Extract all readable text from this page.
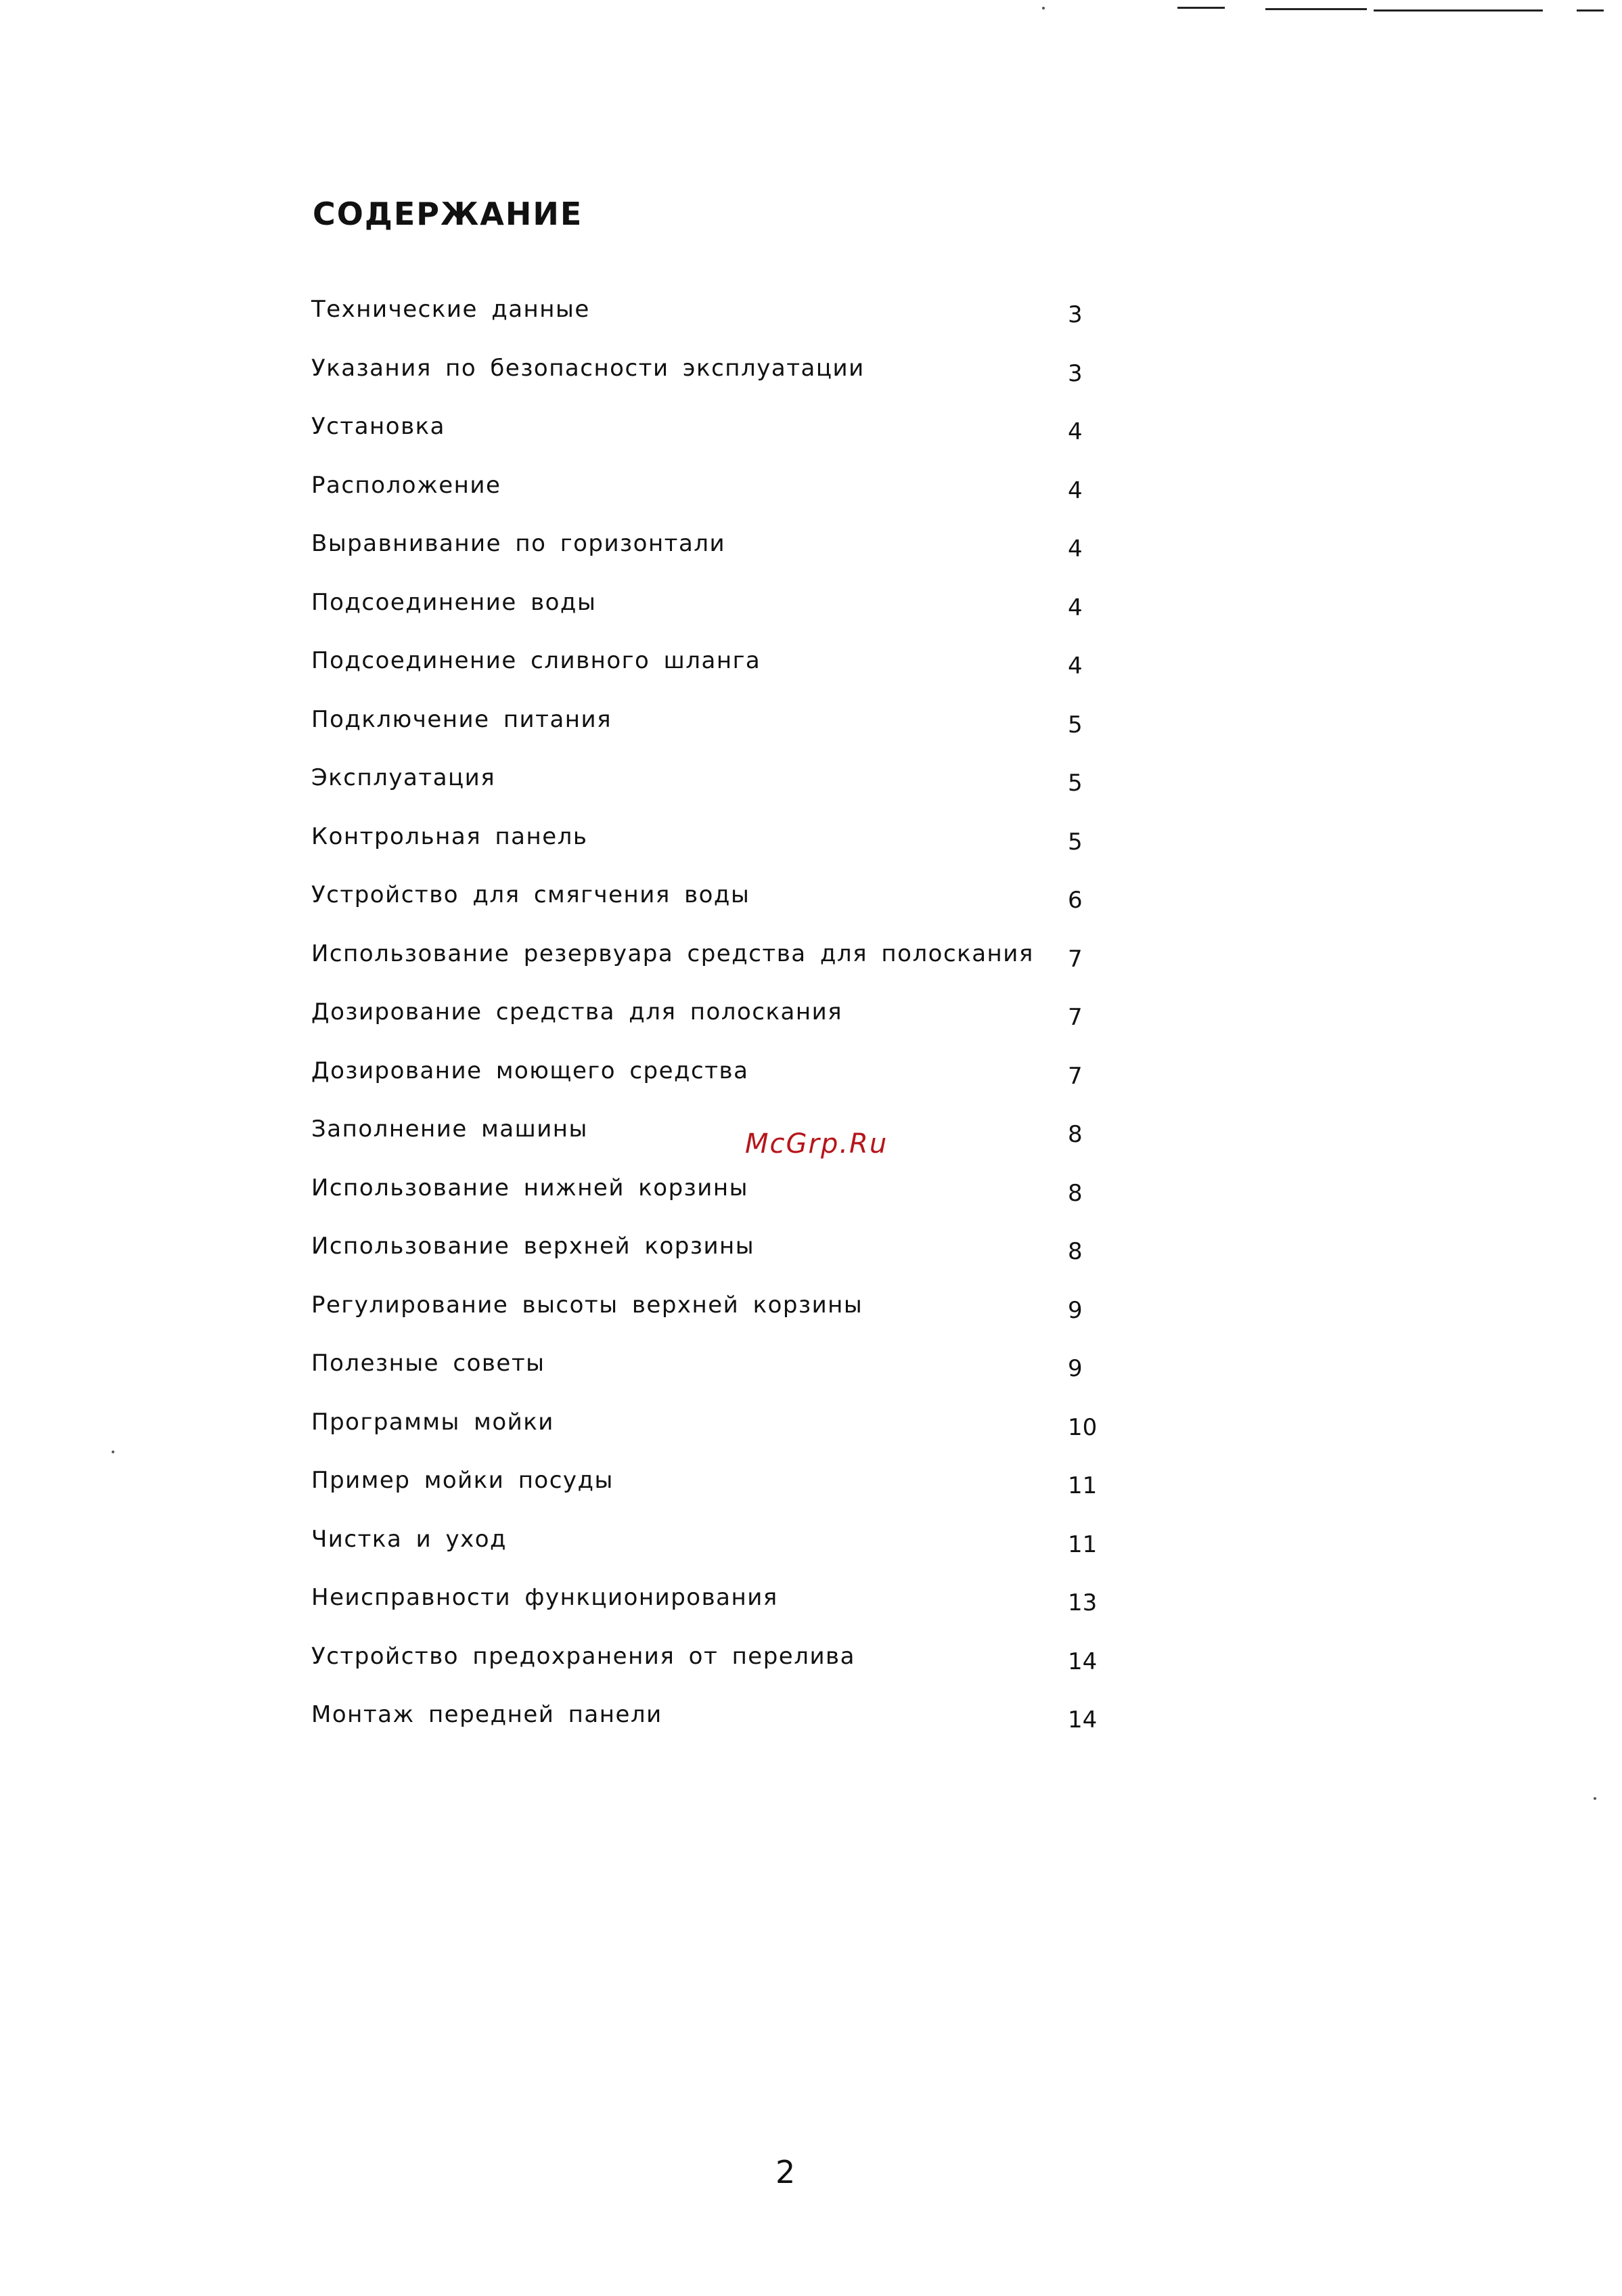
СОДЕРЖАНИЕ
Технические данные	3
Указания по безопасности эксплуатации	3
Установка	4
Расположение	4
Выравнивание по горизонтали	4
Подсоединение воды	4
Подсоединение сливного шланга	4
Подключение питания	5
Эксплуатация	5
Контрольная панель	5
Устройство для смягчения воды	6
Использование резервуара средства для полоскания 7
Дозирование средства для полоскания	7
Дозирование моющего средства	7
Заполнение машины	8
Использование нижней корзины	8
Использование верхней корзины	8
Регулирование высоты верхней корзины	9
Полезные советы	9
Программы мойки	10
Пример мойки посуды	11
Чистка и уход	11
Неисправности функционирования	13
Устройство предохранения от перелива	14
Монтаж передней панели	14
McGrp.Ru
2
